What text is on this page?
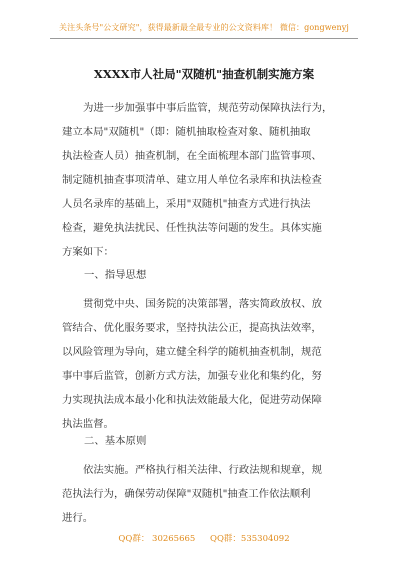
关注头条号"公文研究"，获得最新最全最专业的公文资料库！ 微信：gongwenyj
XXXX市人社局"双随机"抽查机制实施方案
为进一步加强事中事后监管，规范劳动保障执法行为，
建立本局"双随机"（即：随机抽取检查对象、随机抽取
执法检查人员）抽查机制，在全面梳理本部门监管事项、
制定随机抽查事项清单、建立用人单位名录库和执法检查
人员名录库的基础上，采用"双随机"抽查方式进行执法
检查，避免执法扰民、任性执法等问题的发生。具体实施
方案如下：
一、指导思想
贯彻党中央、国务院的决策部署，落实简政放权、放
管结合、优化服务要求，坚持执法公正，提高执法效率，
以风险管理为导向，建立健全科学的随机抽查机制，规范
事中事后监管，创新方式方法，加强专业化和集约化，努
力实现执法成本最小化和执法效能最大化，促进劳动保障
执法监督。
二、基本原则
依法实施。严格执行相关法律、行政法规和规章，规
范执法行为，确保劳动保障"双随机"抽查工作依法顺利
进行。
QQ群： 30265665 QQ群：535304092
